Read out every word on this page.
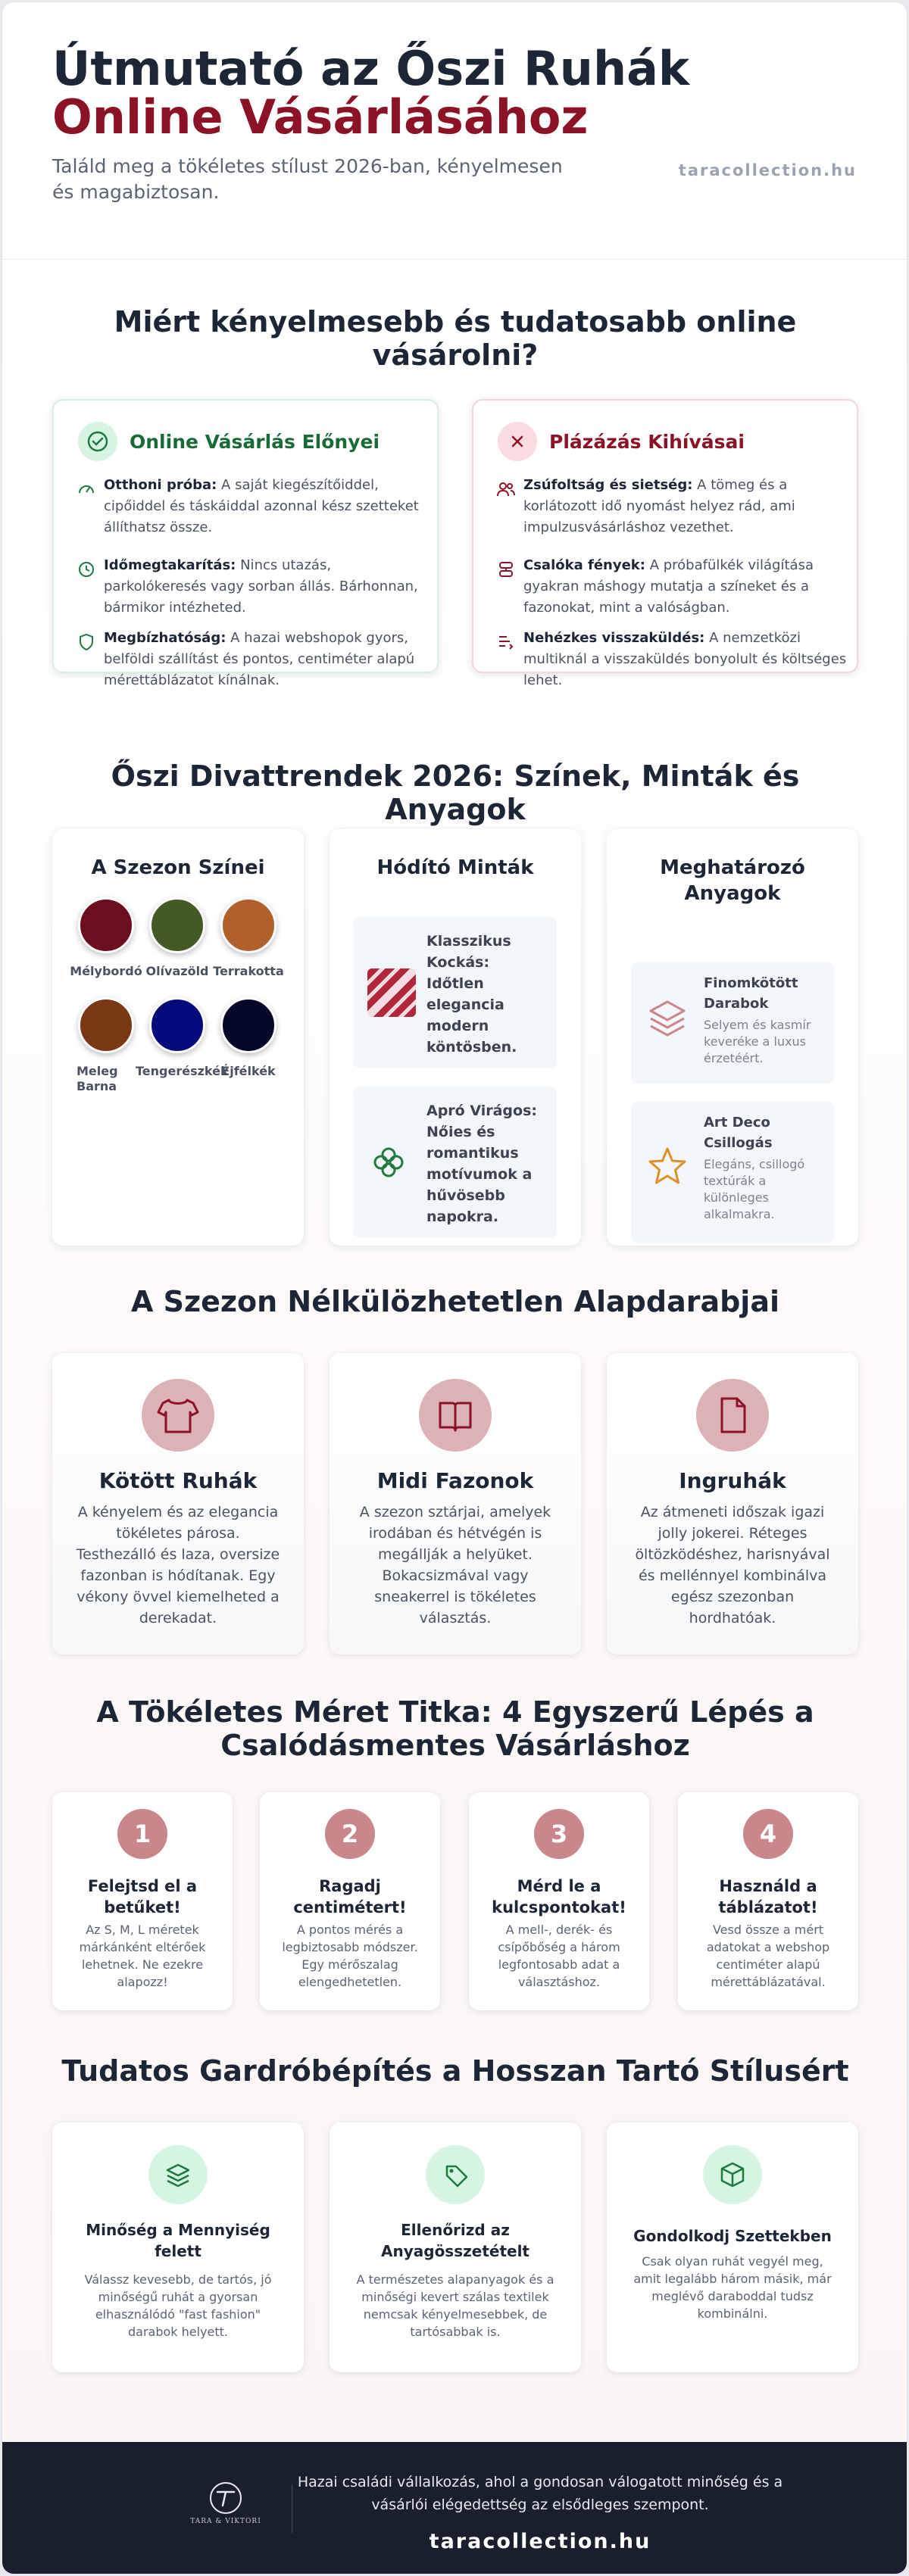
Útmutató az Őszi Ruhák
Online Vásárlásához
Találd meg a tökéletes stílust 2026-ban, kényelmesen és magabiztosan.
taracollection.hu
Miért kényelmesebb és tudatosabb online vásárolni?
Online Vásárlás Előnyei
Otthoni próba: A saját kiegészítőiddel, cipőiddel és táskáiddal azonnal kész szetteket állíthatsz össze.
Időmegtakarítás: Nincs utazás, parkolókeresés vagy sorban állás. Bárhonnan, bármikor intézheted.
Megbízhatóság: A hazai webshopok gyors, belföldi szállítást és pontos, centiméter alapú mérettáblázatot kínálnak.
Plázázás Kihívásai
Zsúfoltság és sietség: A tömeg és a korlátozott idő nyomást helyez rád, ami impulzusvásárláshoz vezethet.
Csalóka fények: A próbafülkék világítása gyakran máshogy mutatja a színeket és a fazonokat, mint a valóságban.
Nehézkes visszaküldés: A nemzetközi multiknál a visszaküldés bonyolult és költséges lehet.
Őszi Divattrendek 2026: Színek, Minták és Anyagok
A Szezon Színei
Mélybordó Olívazöld Terrakotta
Meleg Barna
Tengerészkék
Éjfélkék
Hódító Minták
Klasszikus Kockás: Időtlen elegancia modern köntösben.
Apró Virágos: Nőies és romantikus motívumok a hűvösebb napokra.
Meghatározó Anyagok
Finomkötött Darabok
Selyem és kasmír keveréke a luxus érzetéért.
Art Deco Csillogás
Elegáns, csillogó textúrák a különleges alkalmakra.
A Szezon Nélkülözhetetlen Alapdarabjai
Kötött Ruhák
A kényelem és az elegancia tökéletes párosa. Testhezálló és laza, oversize fazonban is hódítanak. Egy vékony övvel kiemelheted a derekadat.
Midi Fazonok
A szezon sztárjai, amelyek irodában és hétvégén is megállják a helyüket. Bokacsizmával vagy sneakerrel is tökéletes választás.
Ingruhák
Az átmeneti időszak igazi jolly jokerei. Réteges öltözködéshez, harisnyával és mellénnyel kombinálva egész szezonban hordhatóak.
A Tökéletes Méret Titka: 4 Egyszerű Lépés a Csalódásmentes Vásárláshoz
1
Felejtsd el a betűket!
Az S, M, L méretek márkánként eltérőek lehetnek. Ne ezekre alapozz!
2
Ragadj centimétert!
A pontos mérés a legbiztosabb módszer. Egy mérőszalag elengedhetetlen.
3
Mérd le a kulcspontokat!
A mell-, derék- és csípőbőség a három legfontosabb adat a választáshoz.
4
Használd a táblázatot!
Vesd össze a mért adatokat a webshop centiméter alapú mérettáblázatával.
Tudatos Gardróbépítés a Hosszan Tartó Stílusért
Minőség a Mennyiség felett
Válassz kevesebb, de tartós, jó minőségű ruhát a gyorsan elhasználódó "fast fashion" darabok helyett.
Ellenőrizd az Anyagösszetételt
A természetes alapanyagok és a minőségi kevert szálas textilek nemcsak kényelmesebbek, de tartósabbak is.
Gondolkodj Szettekben
Csak olyan ruhát vegyél meg, amit legalább három másik, már meglévő daraboddal tudsz kombinálni.
TARA & VIKTORI
Hazai családi vállalkozás, ahol a gondosan válogatott minőség és a vásárlói elégedettség az elsődleges szempont.
taracollection.hu
